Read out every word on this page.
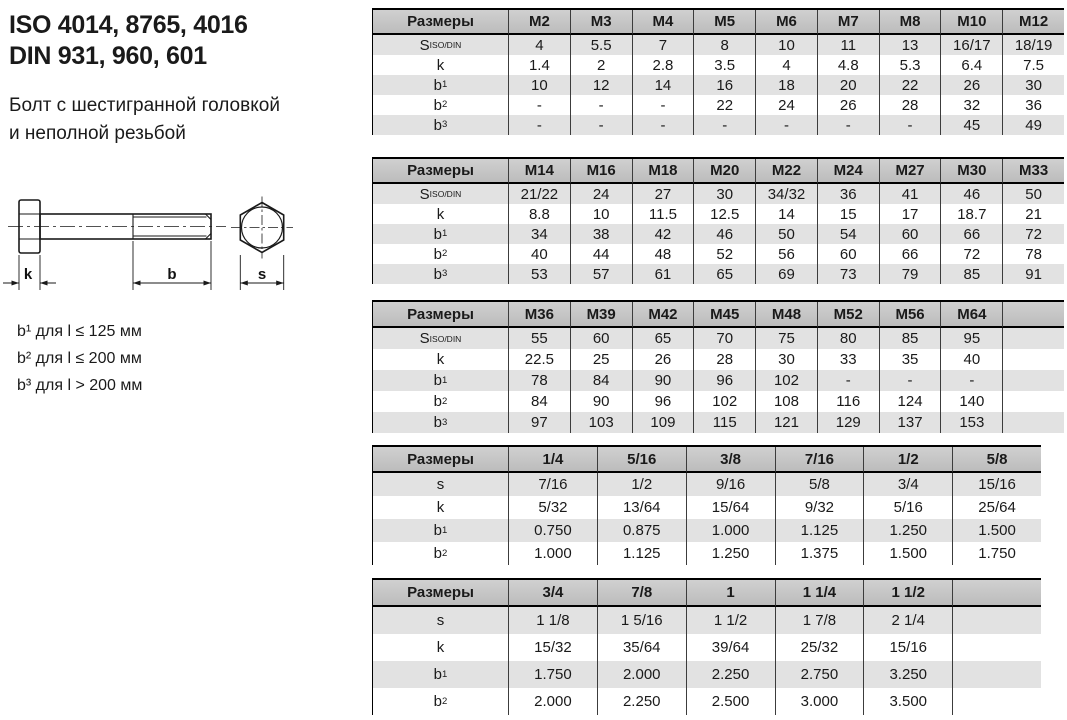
ISO 4014, 8765, 4016
DIN 931, 960, 601
Болт с шестигранной головкой
и неполной резьбой
k	b	s
b¹ для l ≤ 125 мм
b² для l ≤ 200 мм
b³ для l > 200 мм
Размеры	M2	M3	M4	M5	M6	M7	M8	M10	M12
S ISO/DIN	4	5.5	7	8	10	11	13	16/17	18/19
k	1.4	2	2.8	3.5	4	4.8	5.3	6.4	7.5
b 1	10	12	14	16	18	20	22	26	30
b 2	-	-	-	22	24	26	28	32	36
b 3	-	-	-	-	-	-	-	45	49
Размеры	M14	M16	M18	M20	M22	M24	M27	M30	M33
S ISO/DIN	21/22	24	27	30	34/32	36	41	46	50
k	8.8	10	11.5	12.5	14	15	17	18.7	21
b 1	34	38	42	46	50	54	60	66	72
b 2	40	44	48	52	56	60	66	72	78
b 3	53	57	61	65	69	73	79	85	91
Размеры	M36	M39	M42	M45	M48	M52	M56	M64
S ISO/DIN	55	60	65	70	75	80	85	95
k	22.5	25	26	28	30	33	35	40
b 1	78	84	90	96	102	-	-	-
b 2	84	90	96	102	108	116	124	140
b 3	97	103	109	115	121	129	137	153
Размеры	1/4	5/16	3/8	7/16	1/2	5/8
s	7/16	1/2	9/16	5/8	3/4	15/16
k	5/32	13/64	15/64	9/32	5/16	25/64
b 1	0.750	0.875	1.000	1.125	1.250	1.500
b 2	1.000	1.125	1.250	1.375	1.500	1.750
Размеры	3/4	7/8	1	1 1/4	1 1/2
s	1 1/8	1 5/16	1 1/2	1 7/8	2 1/4
k	15/32	35/64	39/64	25/32	15/16
b 1	1.750	2.000	2.250	2.750	3.250
b 2	2.000	2.250	2.500	3.000	3.500
